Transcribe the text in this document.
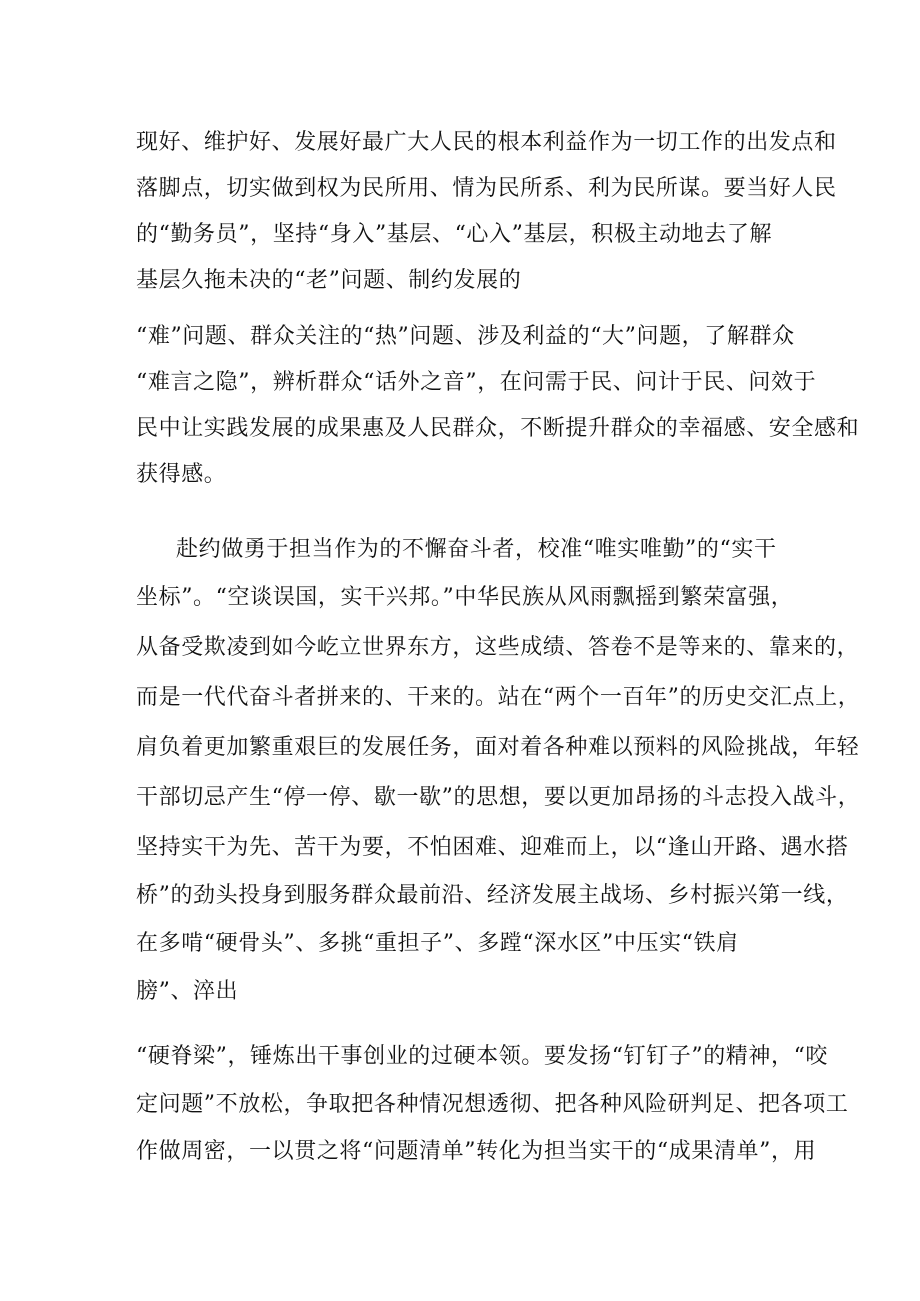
现好、维护好、发展好最广大人民的根本利益作为一切工作的出发点和
落脚点，切实做到权为民所用、情为民所系、利为民所谋。要当好人民
的“勤务员”，坚持“身入”基层、“心入”基层，积极主动地去了解
基层久拖未决的“老”问题、制约发展的
“难”问题、群众关注的“热”问题、涉及利益的“大”问题，了解群众
“难言之隐”，辨析群众“话外之音”，在问需于民、问计于民、问效于
民中让实践发展的成果惠及人民群众，不断提升群众的幸福感、安全感和
获得感。
赴约做勇于担当作为的不懈奋斗者，校准“唯实唯勤”的“实干
坐标”。“空谈误国，实干兴邦。”中华民族从风雨飘摇到繁荣富强，
从备受欺凌到如今屹立世界东方，这些成绩、答卷不是等来的、靠来的，
而是一代代奋斗者拼来的、干来的。站在“两个一百年”的历史交汇点上，
肩负着更加繁重艰巨的发展任务，面对着各种难以预料的风险挑战，年轻
干部切忌产生“停一停、歇一歇”的思想，要以更加昂扬的斗志投入战斗，
坚持实干为先、苦干为要，不怕困难、迎难而上，以“逢山开路、遇水搭
桥”的劲头投身到服务群众最前沿、经济发展主战场、乡村振兴第一线，
在多啃“硬骨头”、多挑“重担子”、多蹚“深水区”中压实“铁肩
膀”、淬出
“硬脊梁”，锤炼出干事创业的过硬本领。要发扬“钉钉子”的精神，“咬
定问题”不放松，争取把各种情况想透彻、把各种风险研判足、把各项工
作做周密，一以贯之将“问题清单”转化为担当实干的“成果清单”，用
